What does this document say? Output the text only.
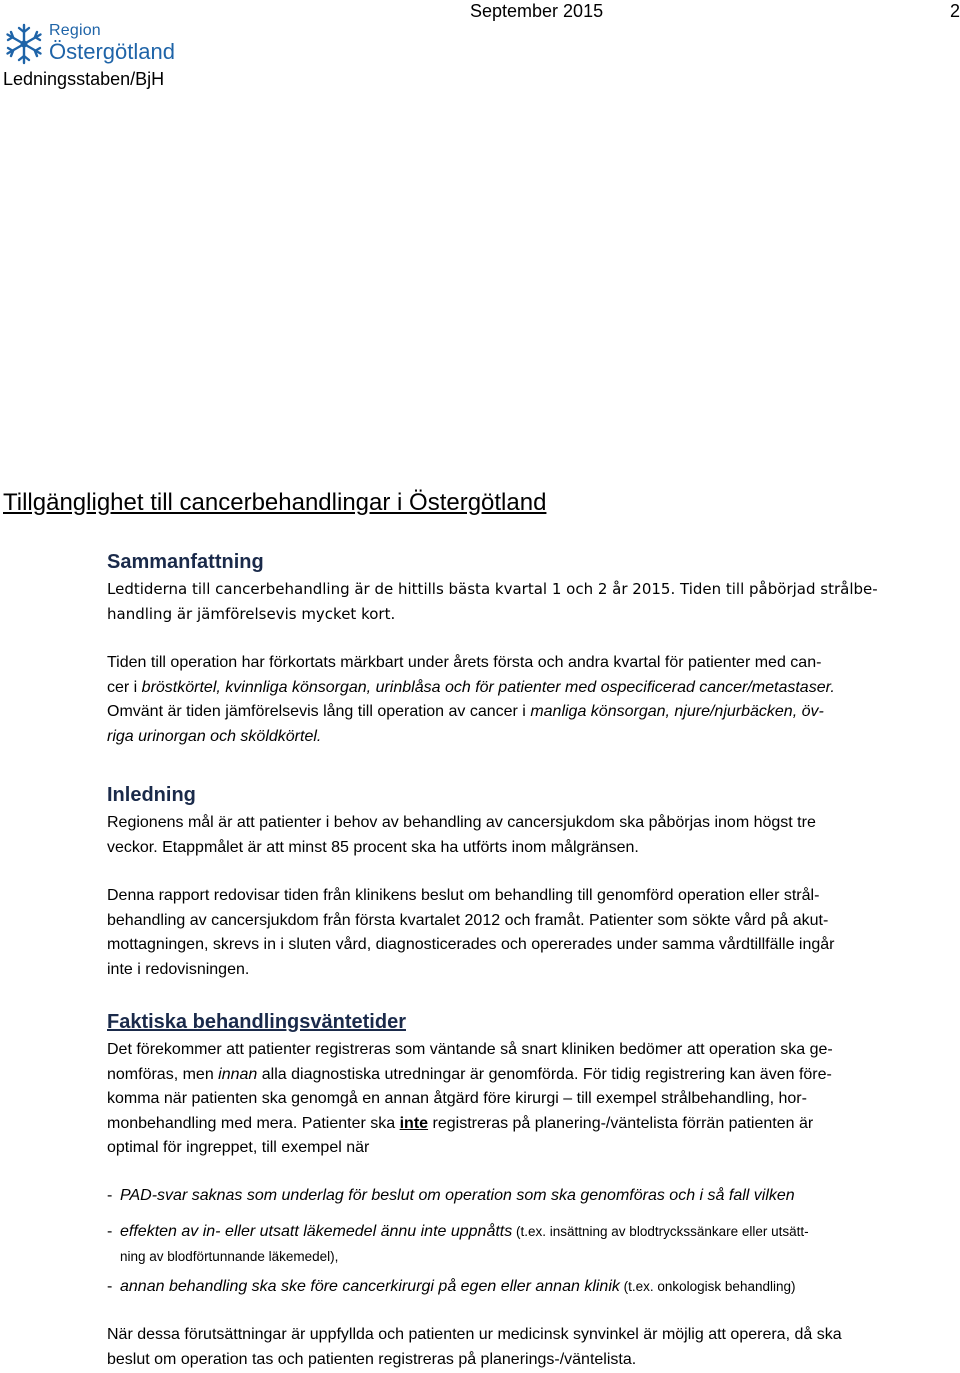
Region
Östergötland
Ledningsstaben/BjH
September 2015	2
Tillgänglighet till cancerbehandlingar i Östergötland
Sammanfattning

Ledtiderna till cancerbehandling är de hittills bästa kvartal 1 och 2 år 2015. Tiden till påbörjad strålbe-

handling är jämförelsevis mycket kort.

Tiden till operation har förkortats märkbart under årets första och andra kvartal för patienter med can-

cer i bröstkörtel, kvinnliga könsorgan, urinblåsa och för patienter med ospecificerad cancer/metastaser.

Omvänt är tiden jämförelsevis lång till operation av cancer i manliga könsorgan, njure/njurbäcken, öv-

riga urinorgan och sköldkörtel.

Inledning

Regionens mål är att patienter i behov av behandling av cancersjukdom ska påbörjas inom högst tre

veckor. Etappmålet är att minst 85 procent ska ha utförts inom målgränsen.

Denna rapport redovisar tiden från klinikens beslut om behandling till genomförd operation eller strål-

behandling av cancersjukdom från första kvartalet 2012 och framåt. Patienter som sökte vård på akut-

mottagningen, skrevs in i sluten vård, diagnosticerades och opererades under samma vårdtillfälle ingår

inte i redovisningen.

Faktiska behandlingsväntetider

Det förekommer att patienter registreras som väntande så snart kliniken bedömer att operation ska ge-

nomföras, men innan alla diagnostiska utredningar är genomförda. För tidig registrering kan även före-

komma när patienten ska genomgå en annan åtgärd före kirurgi – till exempel strålbehandling, hor-

monbehandling med mera. Patienter ska inte registreras på planering-/väntelista förrän patienten är

optimal för ingreppet, till exempel när

- PAD-svar saknas som underlag för beslut om operation som ska genomföras och i så fall vilken
- effekten av in- eller utsatt läkemedel ännu inte uppnåtts (t.ex. insättning av blodtryckssänkare eller utsätt-
ning av blodförtunnande läkemedel),
- annan behandling ska ske före cancerkirurgi på egen eller annan klinik (t.ex. onkologisk behandling)

När dessa förutsättningar är uppfyllda och patienten ur medicinsk synvinkel är möjlig att operera, då ska

beslut om operation tas och patienten registreras på planerings-/väntelista.
